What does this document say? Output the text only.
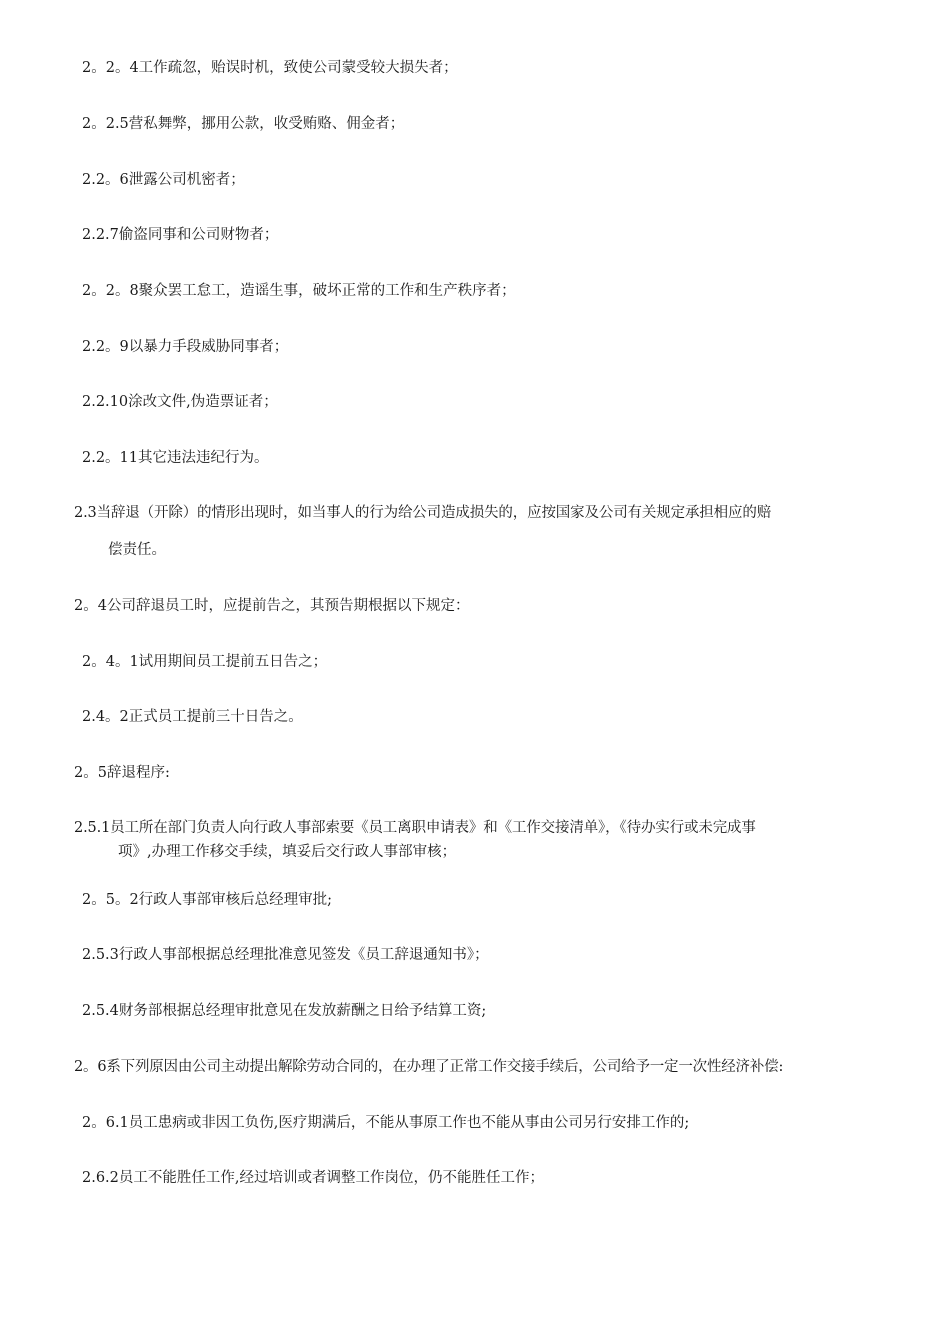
2。2。4工作疏忽，贻误时机，致使公司蒙受较大损失者；
2。2.5营私舞弊，挪用公款，收受贿赂、佣金者；
2.2。6泄露公司机密者；
2.2.7偷盗同事和公司财物者；
2。2。8聚众罢工怠工，造谣生事，破坏正常的工作和生产秩序者；
2.2。9以暴力手段威胁同事者；
2.2.10涂改文件,伪造票证者；
2.2。11其它违法违纪行为。
2.3当辞退（开除）的情形出现时，如当事人的行为给公司造成损失的，应按国家及公司有关规定承担相应的赔
偿责任。
2。4公司辞退员工时，应提前告之，其预告期根据以下规定：
2。4。1试用期间员工提前五日告之；
2.4。2正式员工提前三十日告之。
2。5辞退程序:
2.5.1员工所在部门负责人向行政人事部索要《员工离职申请表》和《工作交接清单》，《待办实行或未完成事
项》,办理工作移交手续，填妥后交行政人事部审核；
2。5。2行政人事部审核后总经理审批;
2.5.3行政人事部根据总经理批准意见签发《员工辞退通知书》；
2.5.4财务部根据总经理审批意见在发放薪酬之日给予结算工资;
2。6系下列原因由公司主动提出解除劳动合同的，在办理了正常工作交接手续后，公司给予一定一次性经济补偿:
2。6.1员工患病或非因工负伤,医疗期满后，不能从事原工作也不能从事由公司另行安排工作的;
2.6.2员工不能胜任工作,经过培训或者调整工作岗位，仍不能胜任工作；
